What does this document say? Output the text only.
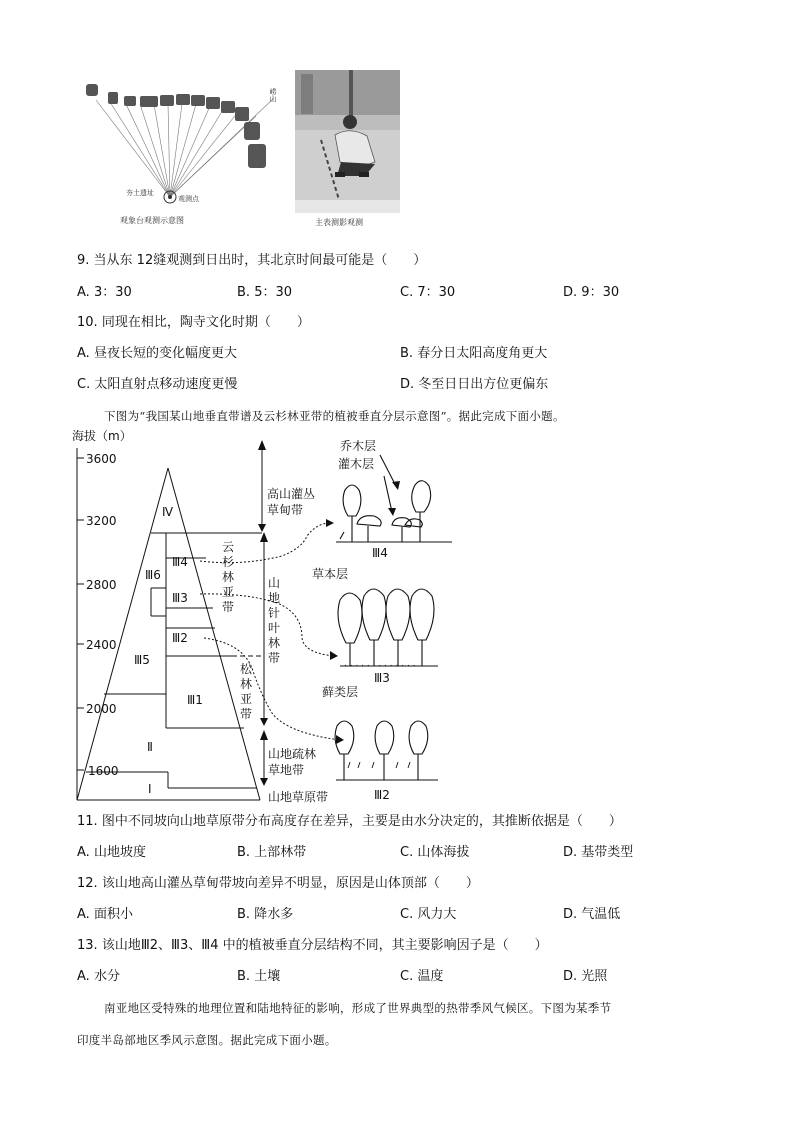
夯土遗址
观测点
崂山
观象台观测示意图	主表测影观测
9. 当从东 12缝观测到日出时，其北京时间最可能是（　　）
A. 3：30	B. 5：30	C. 7：30	D. 9：30
10. 同现在相比，陶寺文化时期（　　）
A. 昼夜长短的变化幅度更大	B. 春分日太阳高度角更大
C. 太阳直射点移动速度更慢	D. 冬至日日出方位更偏东
下图为“我国某山地垂直带谱及云杉林亚带的植被垂直分层示意图”。据此完成下面小题。
. . . . . . . . . . . . .
海拔（m）
3600
3200
2800
2400
2000
1600
Ⅳ
Ⅲ4
Ⅲ6
Ⅲ3
Ⅲ2
Ⅲ5
Ⅲ1
Ⅱ
Ⅰ
云杉林亚带
松林亚带
高山灌丛
草甸带
山地针叶林带
山地疏林
草地带
山地草原带
乔木层
灌木层
草本层
藓类层
Ⅲ4
Ⅲ3
Ⅲ2
11. 图中不同坡向山地草原带分布高度存在差异，主要是由水分决定的，其推断依据是（　　）
A. 山地坡度	B. 上部林带	C. 山体海拔	D. 基带类型
12. 该山地高山灌丛草甸带坡向差异不明显，原因是山体顶部（　　）
A. 面积小	B. 降水多	C. 风力大	D. 气温低
13. 该山地Ⅲ2、Ⅲ3、Ⅲ4 中的植被垂直分层结构不同，其主要影响因子是（　　）
A. 水分	B. 土壤	C. 温度	D. 光照
南亚地区受特殊的地理位置和陆地特征的影响，形成了世界典型的热带季风气候区。下图为某季节
印度半岛部地区季风示意图。据此完成下面小题。
